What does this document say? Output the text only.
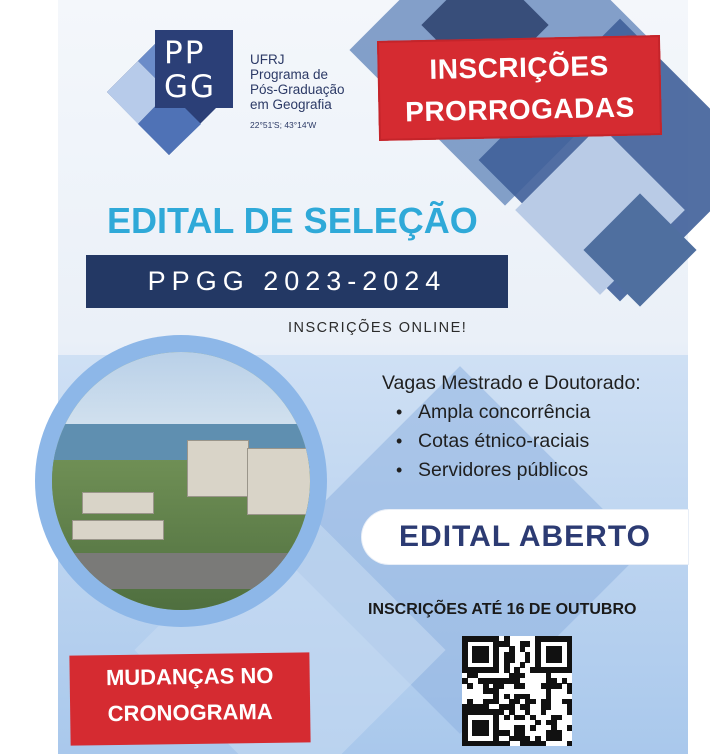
PP
GG
UFRJ
Programa de
Pós-Graduação
em Geografia
22°51'S; 43°14'W
INSCRIÇÕES
PRORROGADAS
EDITAL DE SELEÇÃO
PPGG 2023-2024
INSCRIÇÕES ONLINE!
Vagas Mestrado e Doutorado:
• Ampla concorrência
• Cotas étnico-raciais
• Servidores públicos
EDITAL ABERTO
INSCRIÇÕES ATÉ 16 DE OUTUBRO
MUDANÇAS NO
CRONOGRAMA
